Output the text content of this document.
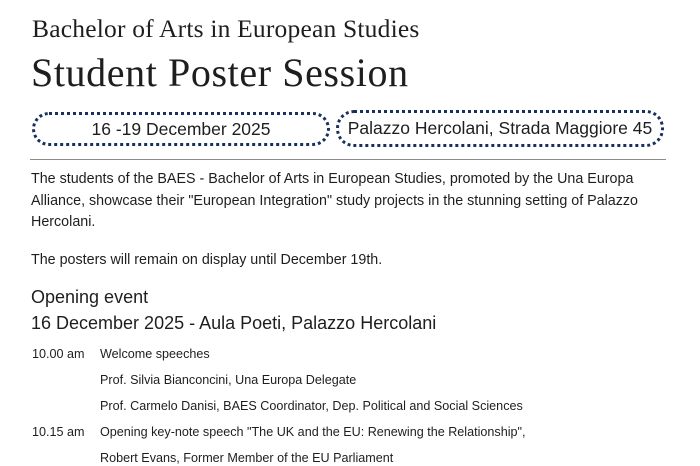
Bachelor of Arts in European Studies
Student Poster Session
16 -19 December 2025	Palazzo Hercolani, Strada Maggiore 45
The students of the BAES - Bachelor of Arts in European Studies, promoted by the Una Europa Alliance, showcase their "European Integration" study projects in the stunning setting of Palazzo Hercolani.
The posters will remain on display until December 19th.
Opening event
16 December 2025 - Aula Poeti, Palazzo Hercolani
10.00 am Welcome speeches
Prof. Silvia Bianconcini, Una Europa Delegate
Prof. Carmelo Danisi, BAES Coordinator, Dep. Political and Social Sciences
10.15 am Opening key-note speech "The UK and the EU: Renewing the Relationship",
Robert Evans, Former Member of the EU Parliament
